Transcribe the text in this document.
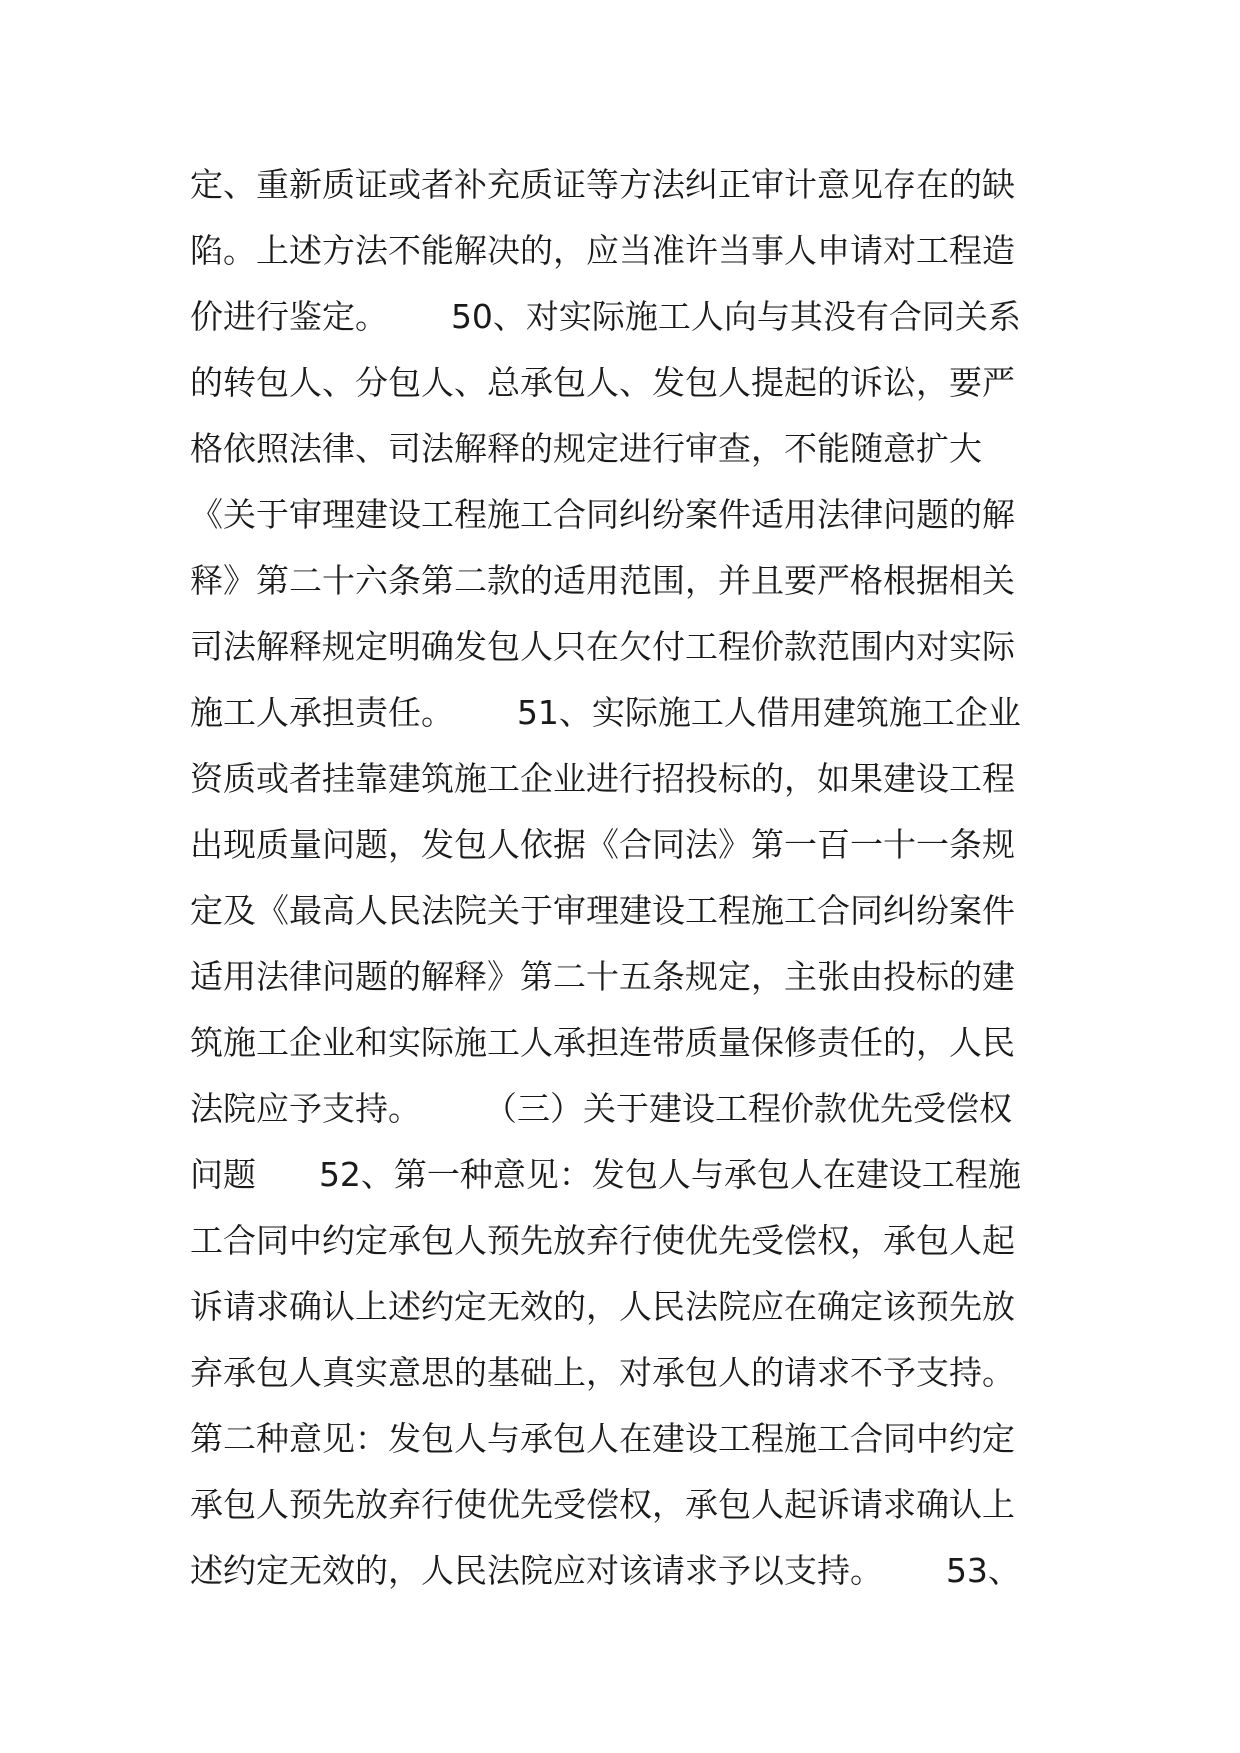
定、重新质证或者补充质证等方法纠正审计意见存在的缺
陷。上述方法不能解决的，应当准许当事人申请对工程造
价进行鉴定。      50、对实际施工人向与其没有合同关系
的转包人、分包人、总承包人、发包人提起的诉讼，要严
格依照法律、司法解释的规定进行审查，不能随意扩大
《关于审理建设工程施工合同纠纷案件适用法律问题的解
释》第二十六条第二款的适用范围，并且要严格根据相关
司法解释规定明确发包人只在欠付工程价款范围内对实际
施工人承担责任。      51、实际施工人借用建筑施工企业
资质或者挂靠建筑施工企业进行招投标的，如果建设工程
出现质量问题，发包人依据《合同法》第一百一十一条规
定及《最高人民法院关于审理建设工程施工合同纠纷案件
适用法律问题的解释》第二十五条规定，主张由投标的建
筑施工企业和实际施工人承担连带质量保修责任的，人民
法院应予支持。      （三）关于建设工程价款优先受偿权
问题      52、第一种意见：发包人与承包人在建设工程施
工合同中约定承包人预先放弃行使优先受偿权，承包人起
诉请求确认上述约定无效的，人民法院应在确定该预先放
弃承包人真实意思的基础上，对承包人的请求不予支持。
第二种意见：发包人与承包人在建设工程施工合同中约定
承包人预先放弃行使优先受偿权，承包人起诉请求确认上
述约定无效的，人民法院应对该请求予以支持。      53、
